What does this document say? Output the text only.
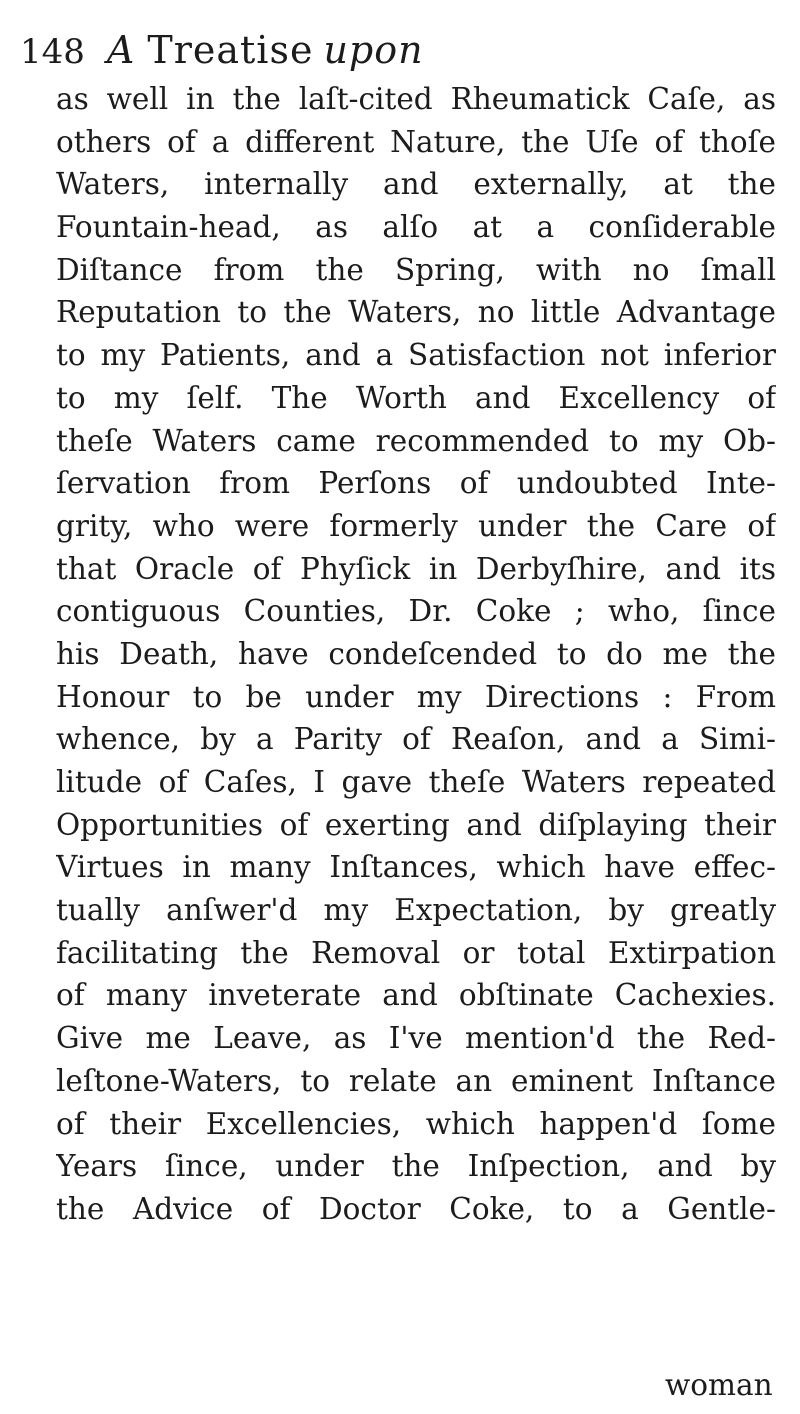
148 A Treatise upon
as well in the laſt-cited Rheumatick Caſe, as
others of a different Nature, the Uſe of thoſe
Waters, internally and externally, at the
Fountain-head, as alſo at a conſiderable
Diſtance from the Spring, with no ſmall
Reputation to the Waters, no little Advantage
to my Patients, and a Satisfaction not inferior
to my ſelf. The Worth and Excellency of
theſe Waters came recommended to my Ob-
ſervation from Perſons of undoubted Inte-
grity, who were formerly under the Care of
that Oracle of Phyſick in Derbyſhire, and its
contiguous Counties, Dr. Coke ; who, ſince
his Death, have condeſcended to do me the
Honour to be under my Directions : From
whence, by a Parity of Reaſon, and a Simi-
litude of Caſes, I gave theſe Waters repeated
Opportunities of exerting and diſplaying their
Virtues in many Inſtances, which have effec-
tually anſwer'd my Expectation, by greatly
facilitating the Removal or total Extirpation
of many inveterate and obſtinate Cachexies.
Give me Leave, as I've mention'd the Red-
leſtone-Waters, to relate an eminent Inſtance
of their Excellencies, which happen'd ſome
Years ſince, under the Inſpection, and by
the Advice of Doctor Coke, to a Gentle-
woman
